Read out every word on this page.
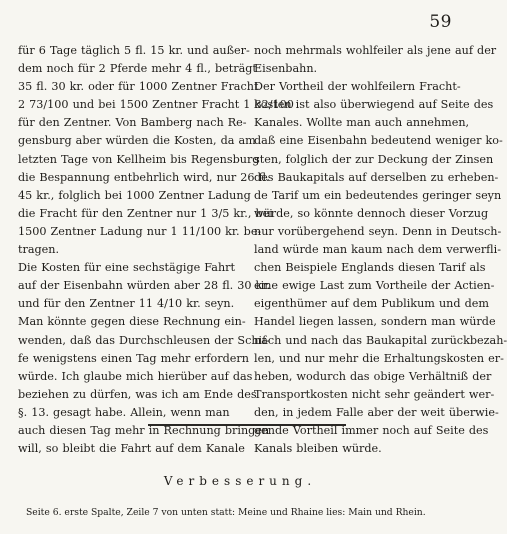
59
für 6 Tage täglich 5 fl. 15 kr. und außer-
dem noch für 2 Pferde mehr 4 fl., beträgt
35 fl. 30 kr. oder für 1000 Zentner Fracht
2 73/100 und bei 1500 Zentner Fracht 1 82/100
für den Zentner. Von Bamberg nach Re-
gensburg aber würden die Kosten, da am
letzten Tage von Kellheim bis Regensburg
die Bespannung entbehrlich wird, nur 26 fl.
45 kr., folglich bei 1000 Zentner Ladung
die Fracht für den Zentner nur 1 3/5 kr., bei
1500 Zentner Ladung nur 1 11/100 kr. be-
tragen.
Die Kosten für eine sechstägige Fahrt
auf der Eisenbahn würden aber 28 fl. 30 kr.
und für den Zentner 11 4/10 kr. seyn.
Man könnte gegen diese Rechnung ein-
wenden, daß das Durchschleusen der Schif-
fe wenigstens einen Tag mehr erfordern
würde. Ich glaube mich hierüber auf das
beziehen zu dürfen, was ich am Ende des
§. 13. gesagt habe. Allein, wenn man
auch diesen Tag mehr in Rechnung bringen
will, so bleibt die Fahrt auf dem Kanale
noch mehrmals wohlfeiler als jene auf der
Eisenbahn.
Der Vortheil der wohlfeilern Fracht-
kosten ist also überwiegend auf Seite des
Kanales. Wollte man auch annehmen,
daß eine Eisenbahn bedeutend weniger ko-
sten, folglich der zur Deckung der Zinsen
des Baukapitals auf derselben zu erheben-
de Tarif um ein bedeutendes geringer seyn
würde, so könnte dennoch dieser Vorzug
nur vorübergehend seyn. Denn in Deutsch-
land würde man kaum nach dem verwerfli-
chen Beispiele Englands diesen Tarif als
eine ewige Last zum Vortheile der Actien-
eigenthümer auf dem Publikum und dem
Handel liegen lassen, sondern man würde
nach und nach das Baukapital zurückbezah-
len, und nur mehr die Erhaltungskosten er-
heben, wodurch das obige Verhältniß der
Transportkosten nicht sehr geändert wer-
den, in jedem Falle aber der weit überwie-
gende Vortheil immer noch auf Seite des
Kanals bleiben würde.
Verbesserung.
Seite 6. erste Spalte, Zeile 7 von unten statt: Meine und Rhaine lies: Main und Rhein.
